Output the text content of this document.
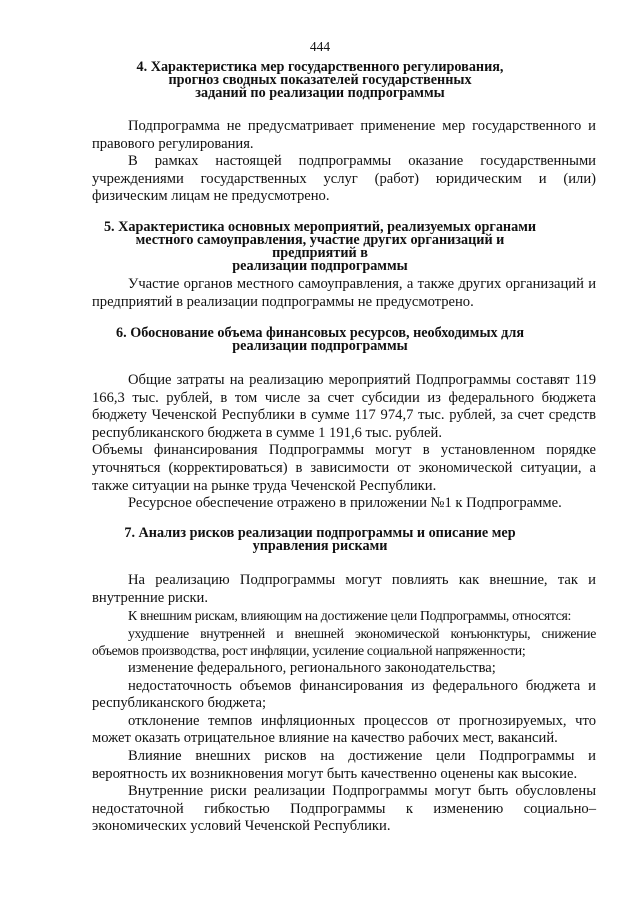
444
4. Характеристика мер государственного регулирования,
прогноз сводных показателей государственных
заданий по реализации подпрограммы

Подпрограмма не предусматривает применение мер государственного и правового регулирования.

В рамках настоящей подпрограммы оказание государственными учреждениями государственных услуг (работ) юридическим и (или) физическим лицам не предусмотрено.

5. Характеристика основных мероприятий, реализуемых органами
местного самоуправления, участие других организаций и предприятий в
реализации подпрограммы

Участие органов местного самоуправления, а также других организаций и предприятий в реализации подпрограммы не предусмотрено.

6. Обоснование объема финансовых ресурсов, необходимых для
реализации подпрограммы

Общие затраты на реализацию мероприятий Подпрограммы составят 119 166,3 тыс. рублей, в том числе за счет субсидии из федерального бюджета бюджету Чеченской Республики в сумме 117 974,7 тыс. рублей, за счет средств республиканского бюджета в сумме 1 191,6 тыс. рублей.

Объемы финансирования Подпрограммы могут в установленном порядке уточняться (корректироваться) в зависимости от экономической ситуации, а также ситуации на рынке труда Чеченской Республики.

Ресурсное обеспечение отражено в приложении №1 к Подпрограмме.

7. Анализ рисков реализации подпрограммы и описание мер
управления рисками

На реализацию Подпрограммы могут повлиять как внешние, так и внутренние риски.

К внешним рискам, влияющим на достижение цели Подпрограммы, относятся:

ухудшение внутренней и внешней экономической конъюнктуры, снижение объемов производства, рост инфляции, усиление социальной напряженности;

изменение федерального, регионального законодательства;

недостаточность объемов финансирования из федерального бюджета и республиканского бюджета;

отклонение темпов инфляционных процессов от прогнозируемых, что может оказать отрицательное влияние на качество рабочих мест, вакансий.

Влияние внешних рисков на достижение цели Подпрограммы и вероятность их возникновения могут быть качественно оценены как высокие.

Внутренние риски реализации Подпрограммы могут быть обусловлены недостаточной гибкостью Подпрограммы к изменению социально–экономических условий Чеченской Республики.
